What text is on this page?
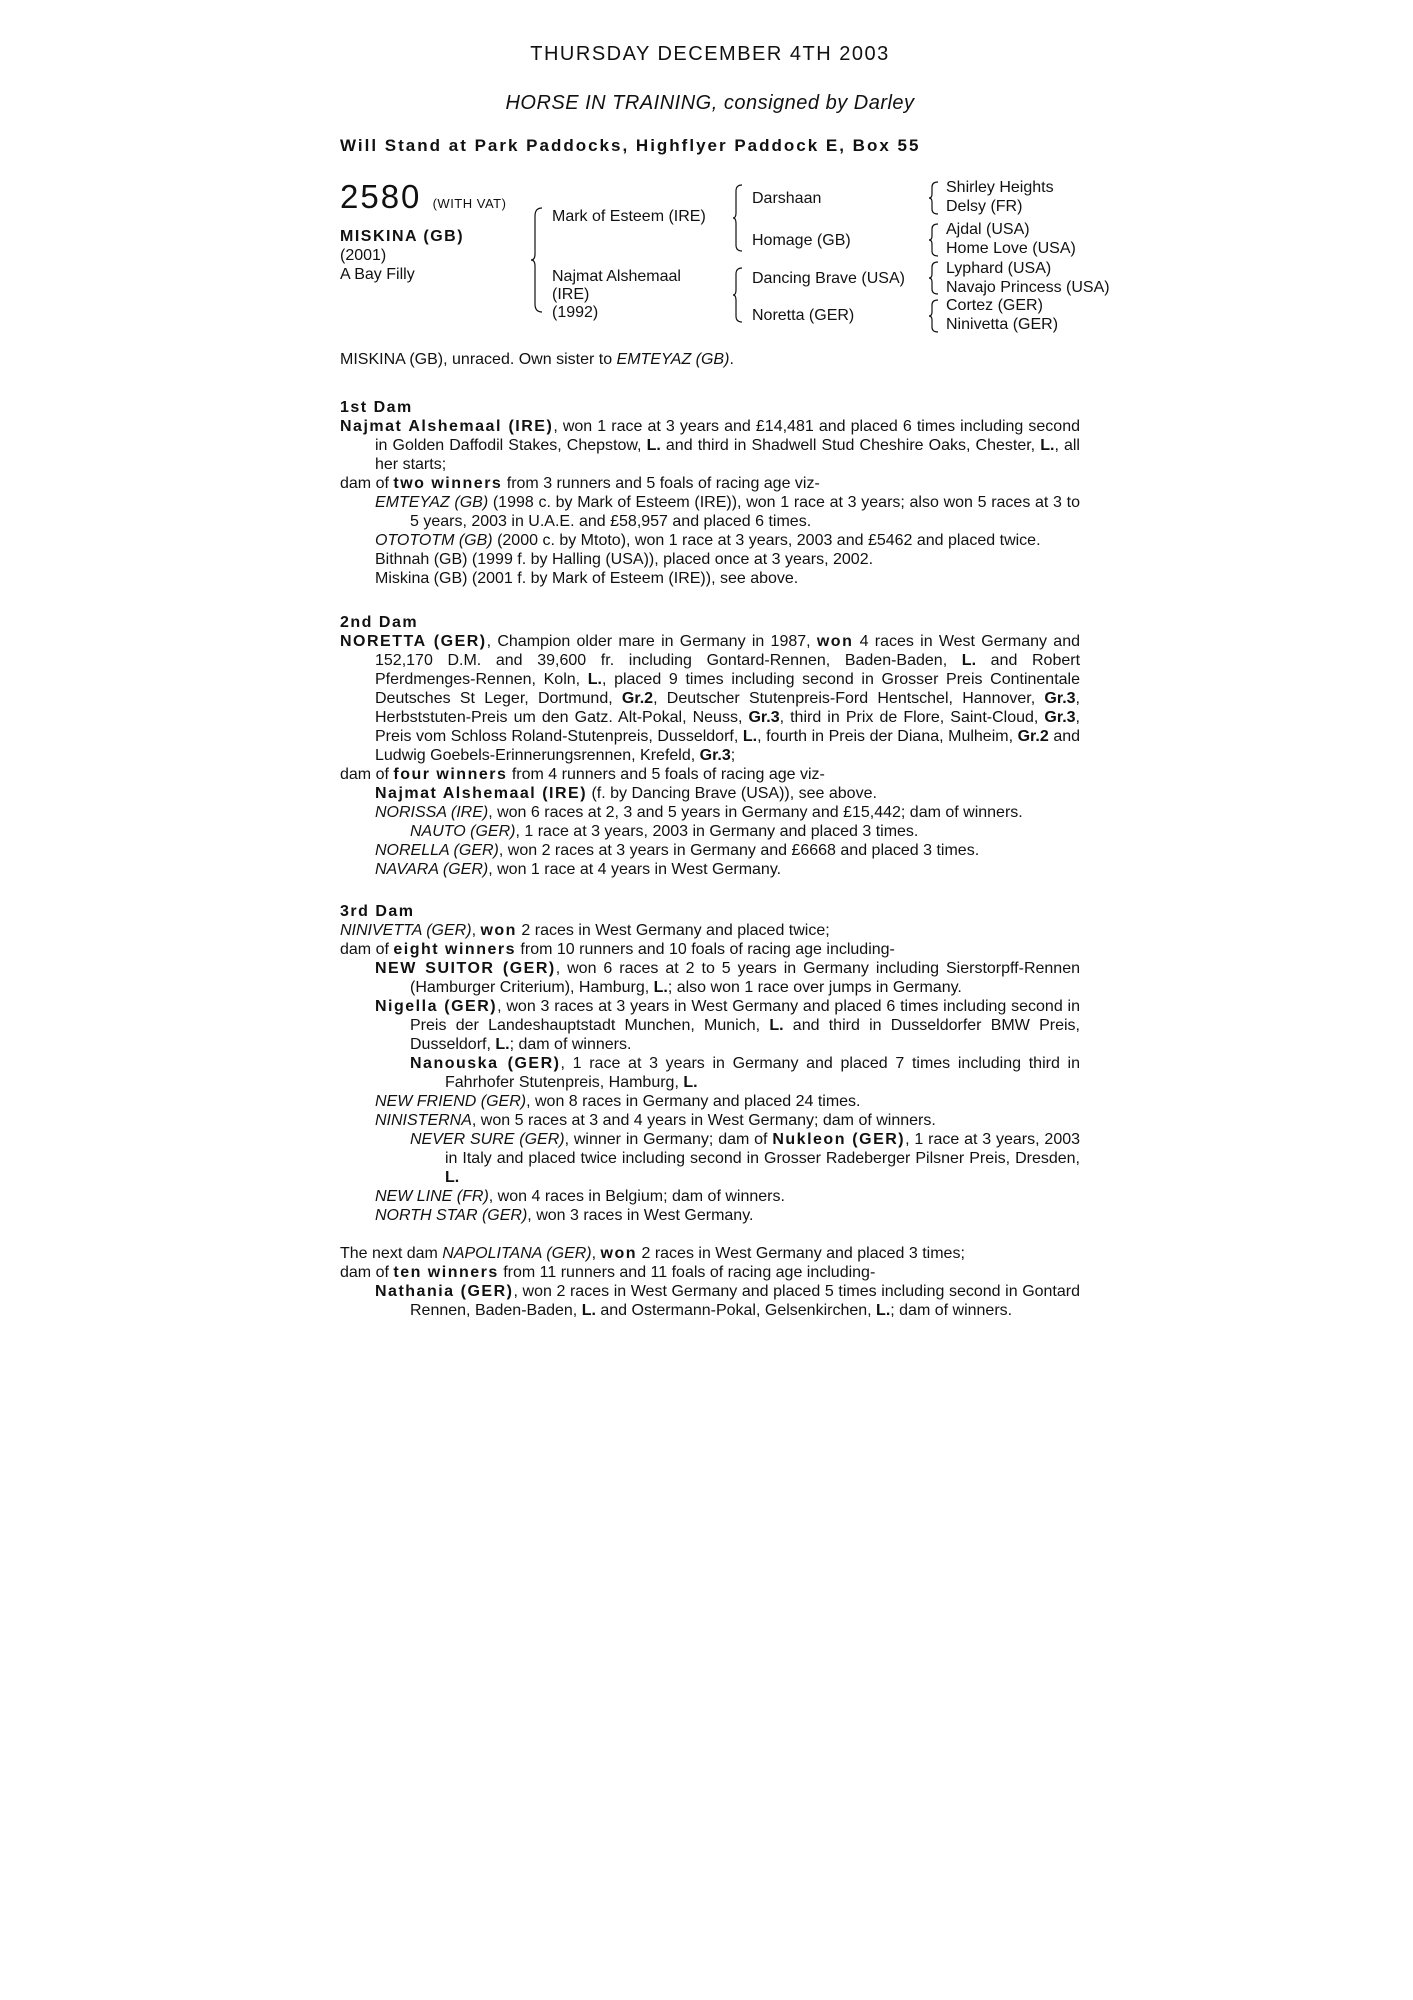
THURSDAY DECEMBER 4TH 2003
HORSE IN TRAINING, consigned by Darley
Will Stand at Park Paddocks, Highflyer Paddock E, Box 55
2580 (WITH VAT)
MISKINA (GB)
(2001)
A Bay Filly
Mark of Esteem (IRE)
Najmat Alshemaal
(IRE)
(1992)
Darshaan
Homage (GB)
Dancing Brave (USA)
Noretta (GER)
Shirley Heights
Delsy (FR)
Ajdal (USA)
Home Love (USA)
Lyphard (USA)
Navajo Princess (USA)
Cortez (GER)
Ninivetta (GER)

MISKINA (GB), unraced. Own sister to EMTEYAZ (GB).

1st Dam

Najmat Alshemaal (IRE), won 1 race at 3 years and £14,481 and placed 6 times including second in Golden Daffodil Stakes, Chepstow, L. and third in Shadwell Stud Cheshire Oaks, Chester, L., all her starts;

dam of two winners from 3 runners and 5 foals of racing age viz-

EMTEYAZ (GB) (1998 c. by Mark of Esteem (IRE)), won 1 race at 3 years; also won 5 races at 3 to 5 years, 2003 in U.A.E. and £58,957 and placed 6 times.

OTOTOTM (GB) (2000 c. by Mtoto), won 1 race at 3 years, 2003 and £5462 and placed twice.

Bithnah (GB) (1999 f. by Halling (USA)), placed once at 3 years, 2002.

Miskina (GB) (2001 f. by Mark of Esteem (IRE)), see above.

2nd Dam

NORETTA (GER), Champion older mare in Germany in 1987, won 4 races in West Germany and 152,170 D.M. and 39,600 fr. including Gontard-Rennen, Baden-Baden, L. and Robert Pferdmenges-Rennen, Koln, L., placed 9 times including second in Grosser Preis Continentale Deutsches St Leger, Dortmund, Gr.2, Deutscher Stutenpreis-Ford Hentschel, Hannover, Gr.3, Herbststuten-Preis um den Gatz. Alt-Pokal, Neuss, Gr.3, third in Prix de Flore, Saint-Cloud, Gr.3, Preis vom Schloss Roland-Stutenpreis, Dusseldorf, L., fourth in Preis der Diana, Mulheim, Gr.2 and Ludwig Goebels-Erinnerungsrennen, Krefeld, Gr.3;

dam of four winners from 4 runners and 5 foals of racing age viz-

Najmat Alshemaal (IRE) (f. by Dancing Brave (USA)), see above.

NORISSA (IRE), won 6 races at 2, 3 and 5 years in Germany and £15,442; dam of winners.

NAUTO (GER), 1 race at 3 years, 2003 in Germany and placed 3 times.

NORELLA (GER), won 2 races at 3 years in Germany and £6668 and placed 3 times.

NAVARA (GER), won 1 race at 4 years in West Germany.

3rd Dam

NINIVETTA (GER), won 2 races in West Germany and placed twice;

dam of eight winners from 10 runners and 10 foals of racing age including-

NEW SUITOR (GER), won 6 races at 2 to 5 years in Germany including Sierstorpff-Rennen (Hamburger Criterium), Hamburg, L.; also won 1 race over jumps in Germany.

Nigella (GER), won 3 races at 3 years in West Germany and placed 6 times including second in Preis der Landeshauptstadt Munchen, Munich, L. and third in Dusseldorfer BMW Preis, Dusseldorf, L.; dam of winners.

Nanouska (GER), 1 race at 3 years in Germany and placed 7 times including third in Fahrhofer Stutenpreis, Hamburg, L.

NEW FRIEND (GER), won 8 races in Germany and placed 24 times.

NINISTERNA, won 5 races at 3 and 4 years in West Germany; dam of winners.

NEVER SURE (GER), winner in Germany; dam of Nukleon (GER), 1 race at 3 years, 2003 in Italy and placed twice including second in Grosser Radeberger Pilsner Preis, Dresden, L.

NEW LINE (FR), won 4 races in Belgium; dam of winners.

NORTH STAR (GER), won 3 races in West Germany.

The next dam NAPOLITANA (GER), won 2 races in West Germany and placed 3 times;

dam of ten winners from 11 runners and 11 foals of racing age including-

Nathania (GER), won 2 races in West Germany and placed 5 times including second in Gontard Rennen, Baden-Baden, L. and Ostermann-Pokal, Gelsenkirchen, L.; dam of winners.
